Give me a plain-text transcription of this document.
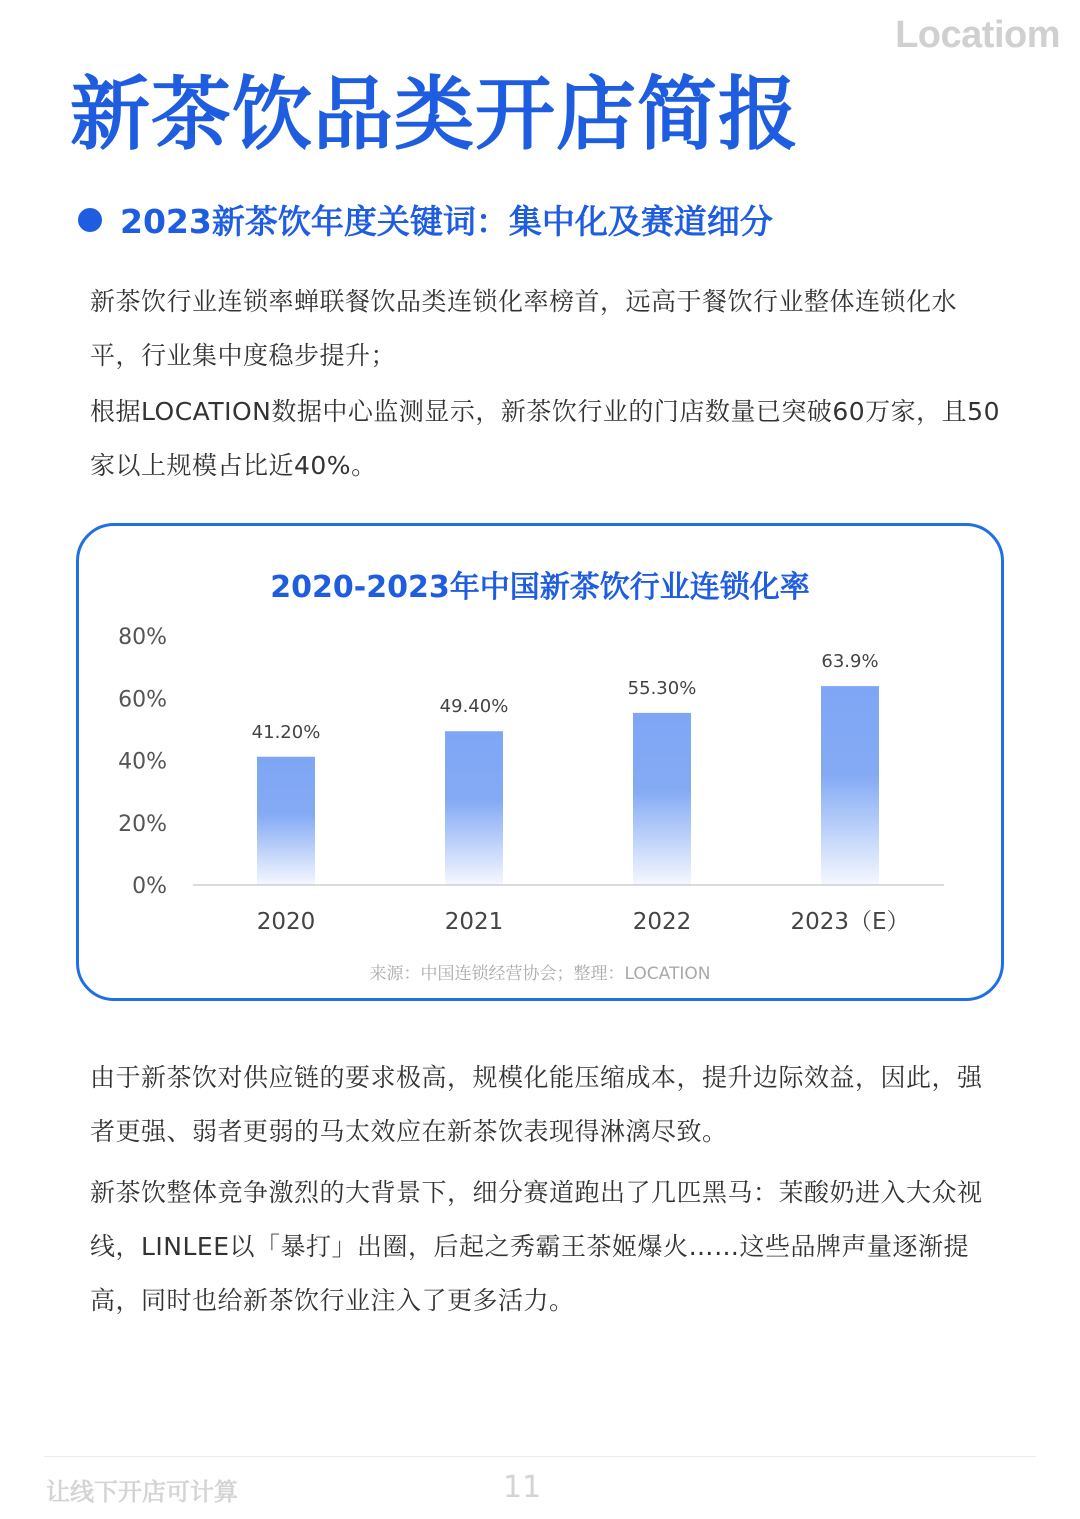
Locatiom
新茶饮品类开店简报
2023新茶饮年度关键词：集中化及赛道细分
新茶饮行业连锁率蝉联餐饮品类连锁化率榜首，远高于餐饮行业整体连锁化水平，行业集中度稳步提升；
根据LOCATION数据中心监测显示，新茶饮行业的门店数量已突破60万家，且50家以上规模占比近40%。
2020-2023年中国新茶饮行业连锁化率
0%
20%
40%
60%
80%
41.20%
2020
49.40%
2021
55.30%
2022
63.9%
2023（E）
来源：中国连锁经营协会；整理：LOCATION
由于新茶饮对供应链的要求极高，规模化能压缩成本，提升边际效益，因此，强者更强、弱者更弱的马太效应在新茶饮表现得淋漓尽致。
新茶饮整体竞争激烈的大背景下，细分赛道跑出了几匹黑马：茉酸奶进入大众视线，LINLEE以「暴打」出圈，后起之秀霸王茶姬爆火……这些品牌声量逐渐提高，同时也给新茶饮行业注入了更多活力。
让线下开店可计算	11
